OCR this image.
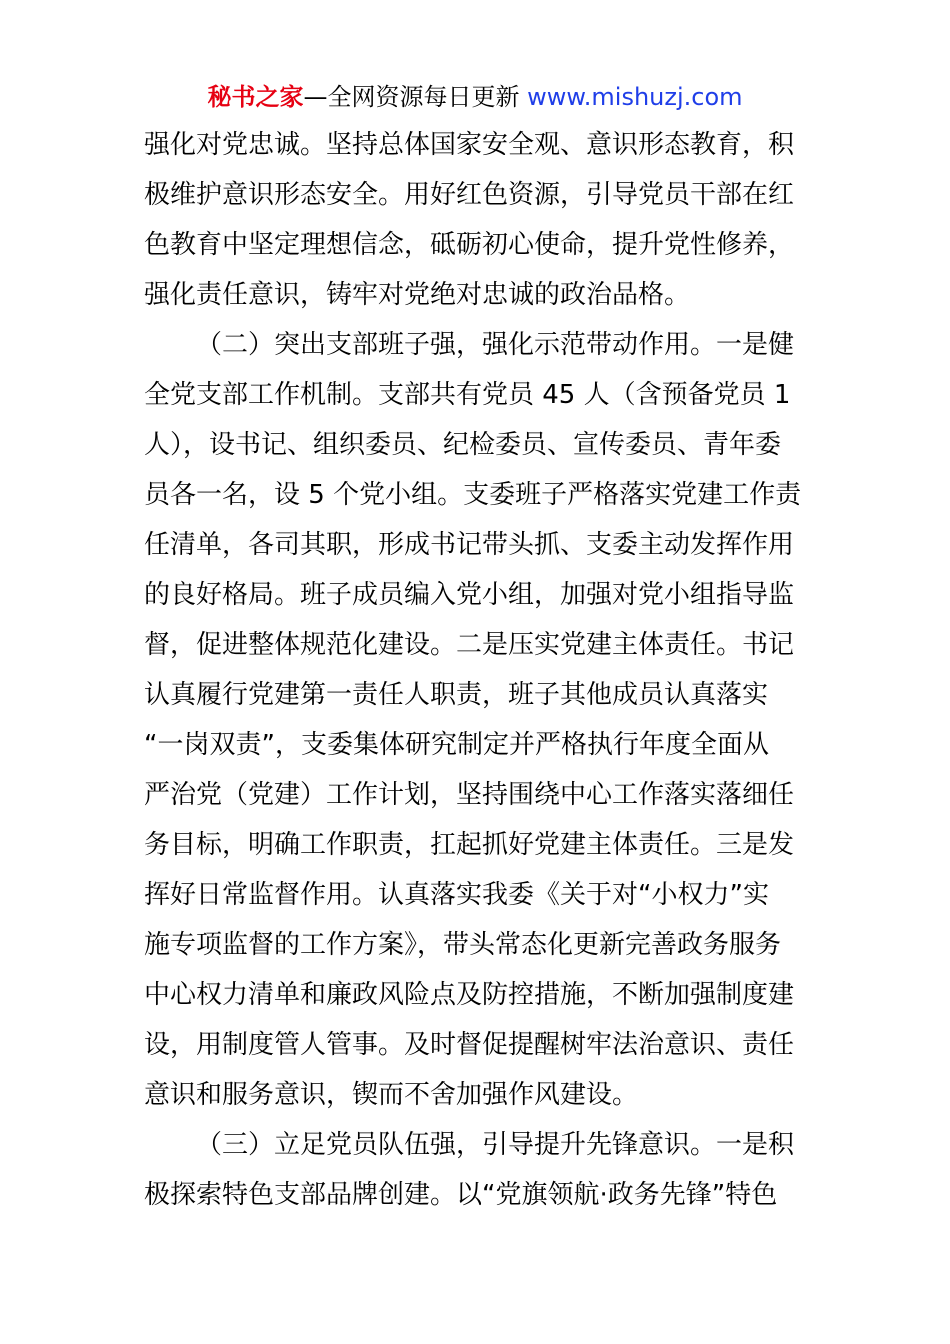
秘书之家—全网资源每日更新 www.mishuzj.com
强化对党忠诚。坚持总体国家安全观、意识形态教育，积
极维护意识形态安全。用好红色资源，引导党员干部在红
色教育中坚定理想信念，砥砺初心使命，提升党性修养，
强化责任意识，铸牢对党绝对忠诚的政治品格。
（二）突出支部班子强，强化示范带动作用。一是健
全党支部工作机制。支部共有党员 45 人（含预备党员 1
人），设书记、组织委员、纪检委员、宣传委员、青年委
员各一名，设 5 个党小组。支委班子严格落实党建工作责
任清单，各司其职，形成书记带头抓、支委主动发挥作用
的良好格局。班子成员编入党小组，加强对党小组指导监
督，促进整体规范化建设。二是压实党建主体责任。书记
认真履行党建第一责任人职责，班子其他成员认真落实
“一岗双责”，支委集体研究制定并严格执行年度全面从
严治党（党建）工作计划，坚持围绕中心工作落实落细任
务目标，明确工作职责，扛起抓好党建主体责任。三是发
挥好日常监督作用。认真落实我委《关于对“小权力”实
施专项监督的工作方案》，带头常态化更新完善政务服务
中心权力清单和廉政风险点及防控措施，不断加强制度建
设，用制度管人管事。及时督促提醒树牢法治意识、责任
意识和服务意识，锲而不舍加强作风建设。
（三）立足党员队伍强，引导提升先锋意识。一是积
极探索特色支部品牌创建。以“党旗领航·政务先锋”特色
